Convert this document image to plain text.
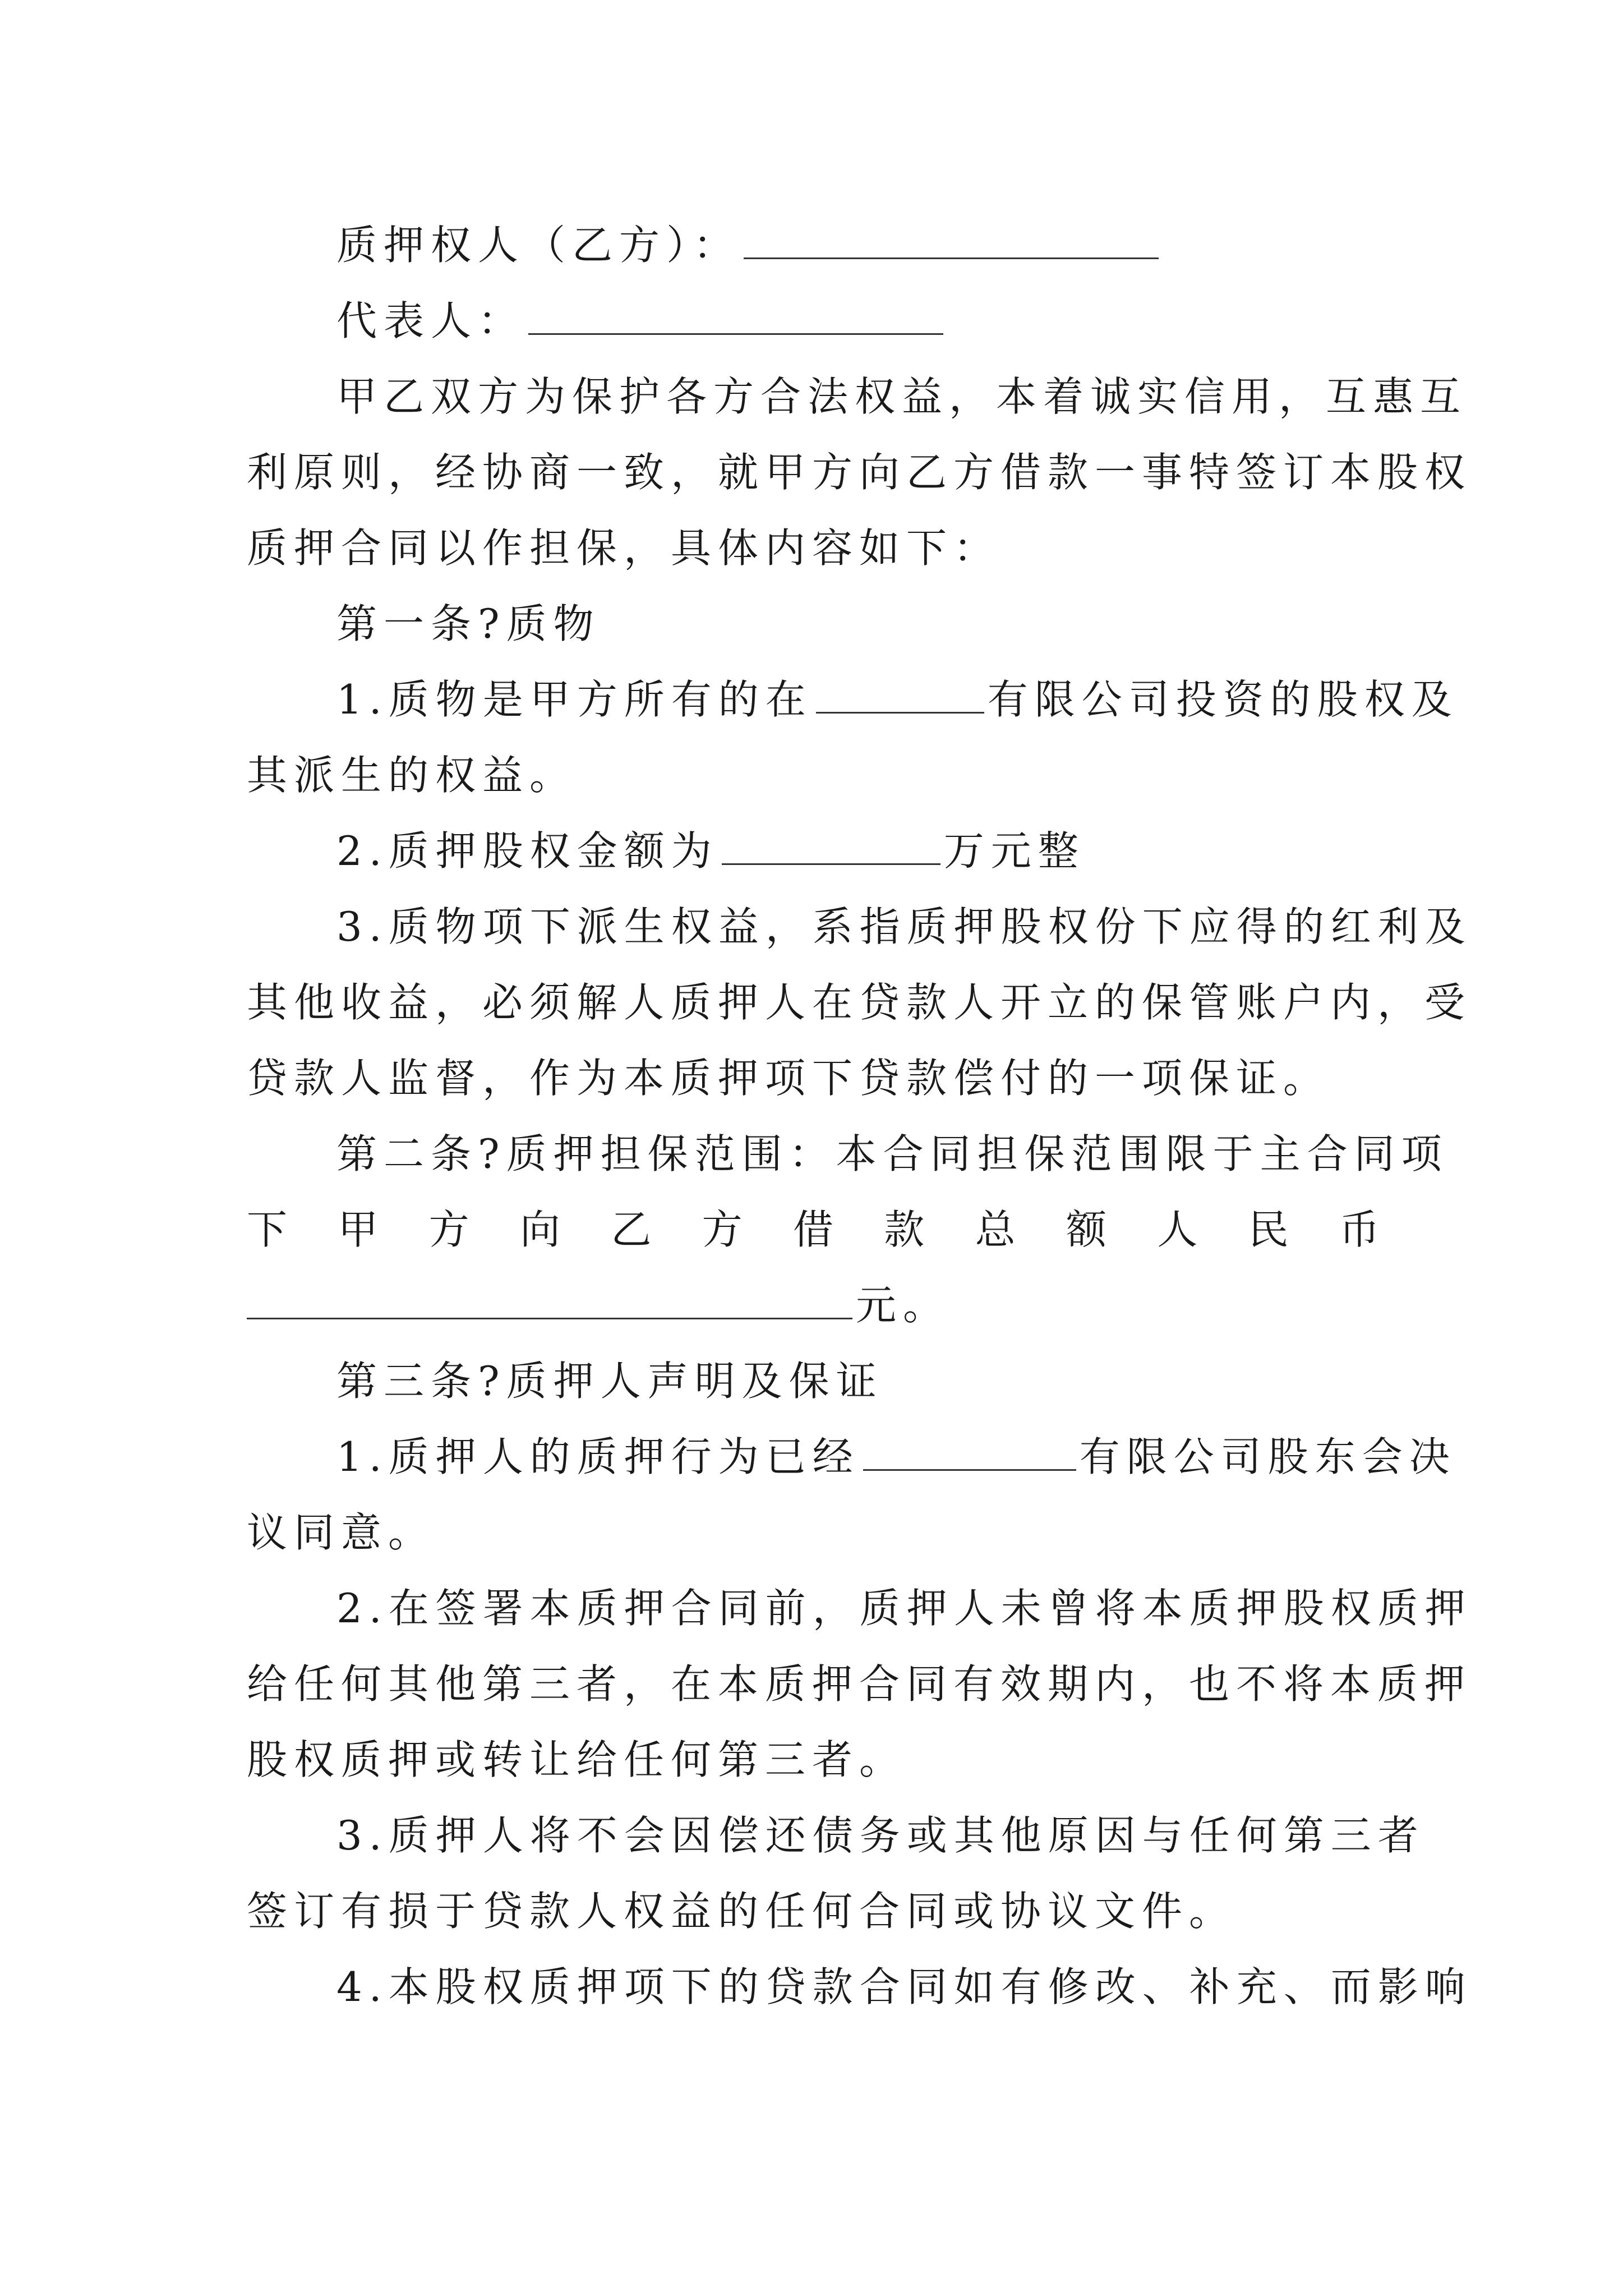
质押权人（乙方）：
代表人：
甲乙双方为保护各方合法权益，本着诚实信用，互惠互
利原则，经协商一致，就甲方向乙方借款一事特签订本股权
质押合同以作担保，具体内容如下：
第一条?质物
1.质物是甲方所有的在	有限公司投资的股权及
其派生的权益。
2.质押股权金额为	万元整
3.质物项下派生权益，系指质押股权份下应得的红利及
其他收益，必须解人质押人在贷款人开立的保管账户内，受
贷款人监督，作为本质押项下贷款偿付的一项保证。
第二条?质押担保范围：本合同担保范围限于主合同项
下 甲 方 向 乙 方 借 款 总 额 人 民 币
元。
第三条?质押人声明及保证
1.质押人的质押行为已经	有限公司股东会决
议同意。
2.在签署本质押合同前，质押人未曾将本质押股权质押
给任何其他第三者，在本质押合同有效期内，也不将本质押
股权质押或转让给任何第三者。
3.质押人将不会因偿还债务或其他原因与任何第三者
签订有损于贷款人权益的任何合同或协议文件。
4.本股权质押项下的贷款合同如有修改、补充、而影响
